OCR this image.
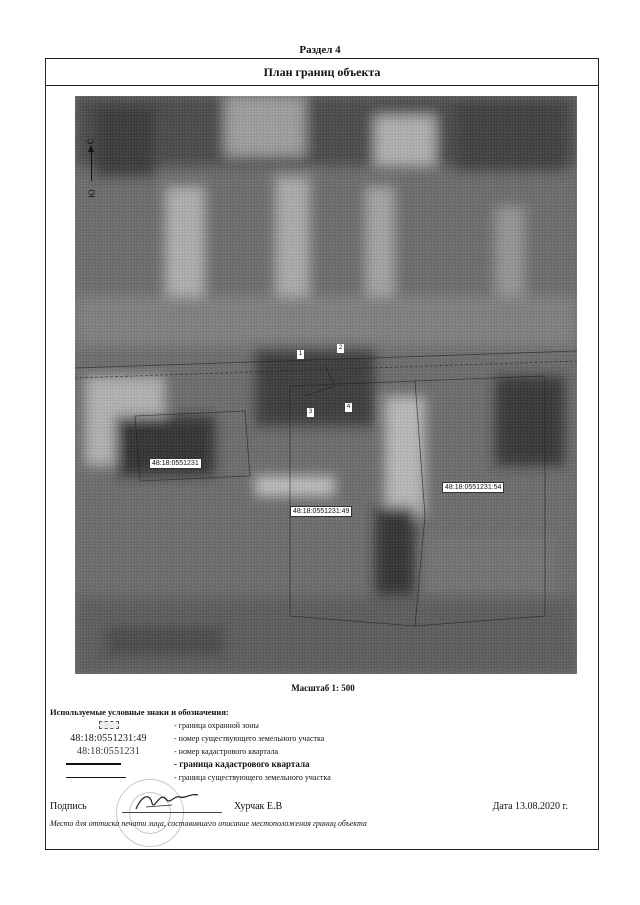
Раздел 4
План границ объекта
С
Ю
1
2
3
4
48:18:0551231
48:18:0551231:49
48:18:0551231:54
Масштаб 1: 500
Используемые условные знаки и обозначения:
- граница охранной зоны
48:18:0551231:49	- номер существующего земельного участка
48:18:0551231	- номер кадастрового квартала
- граница кадастрового квартала
- граница существующего земельного участка
Подпись	Хурчак Е.В	Дата 13.08.2020 г.
Место для оттиска печати лица, составившего описание местоположения границ объекта
